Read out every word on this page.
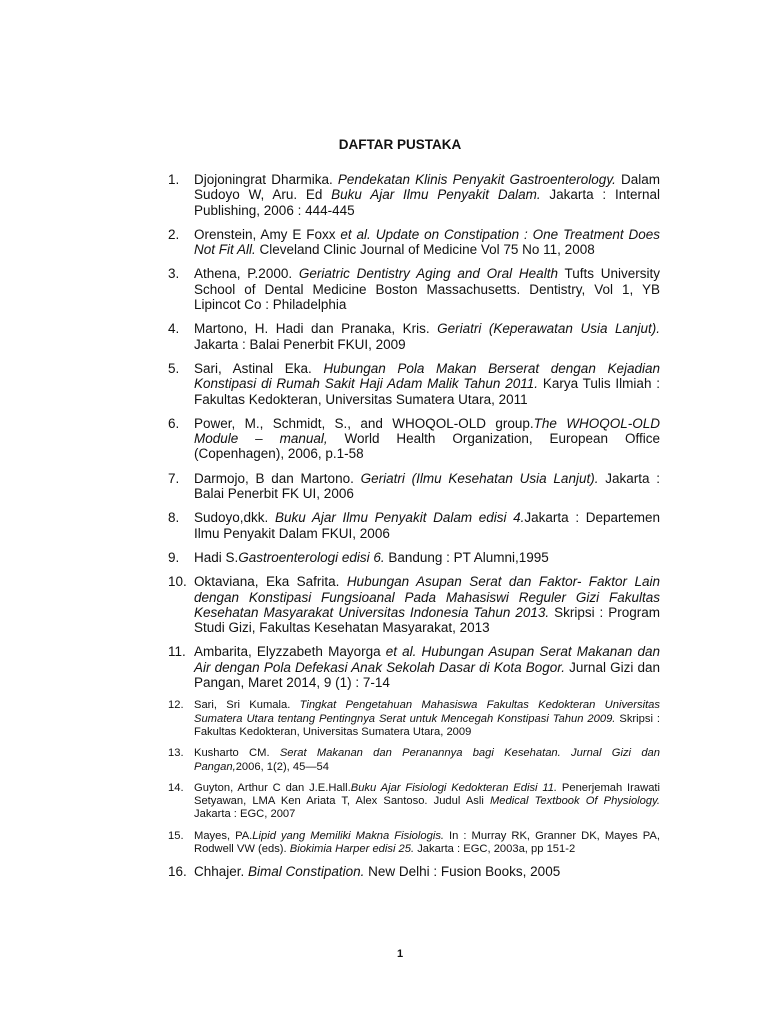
DAFTAR PUSTAKA
1.	Djojoningrat Dharmika. Pendekatan Klinis Penyakit Gastroenterology. Dalam Sudoyo W, Aru. Ed Buku Ajar Ilmu Penyakit Dalam. Jakarta : Internal Publishing, 2006 : 444-445
2.	Orenstein, Amy E Foxx et al. Update on Constipation : One Treatment Does Not Fit All. Cleveland Clinic Journal of Medicine Vol 75 No 11, 2008
3.	Athena, P.2000. Geriatric Dentistry Aging and Oral Health Tufts University School of Dental Medicine Boston Massachusetts. Dentistry, Vol 1, YB Lipincot Co : Philadelphia
4.	Martono, H. Hadi dan Pranaka, Kris. Geriatri (Keperawatan Usia Lanjut). Jakarta : Balai Penerbit FKUI, 2009
5.	Sari, Astinal Eka. Hubungan Pola Makan Berserat dengan Kejadian Konstipasi di Rumah Sakit Haji Adam Malik Tahun 2011. Karya Tulis Ilmiah : Fakultas Kedokteran, Universitas Sumatera Utara, 2011
6.	Power, M., Schmidt, S., and WHOQOL-OLD group.The WHOQOL-OLD Module – manual, World Health Organization, European Office (Copenhagen), 2006, p.1-58
7.	Darmojo, B dan Martono. Geriatri (Ilmu Kesehatan Usia Lanjut). Jakarta : Balai Penerbit FK UI, 2006
8.	Sudoyo,dkk. Buku Ajar Ilmu Penyakit Dalam edisi 4.Jakarta : Departemen Ilmu Penyakit Dalam FKUI, 2006
9.	Hadi S.Gastroenterologi edisi 6. Bandung : PT Alumni,1995
10. Oktaviana, Eka Safrita. Hubungan Asupan Serat dan Faktor- Faktor Lain dengan Konstipasi Fungsioanal Pada Mahasiswi Reguler Gizi Fakultas Kesehatan Masyarakat Universitas Indonesia Tahun 2013. Skripsi : Program Studi Gizi, Fakultas Kesehatan Masyarakat, 2013
11. Ambarita, Elyzzabeth Mayorga et al. Hubungan Asupan Serat Makanan dan Air dengan Pola Defekasi Anak Sekolah Dasar di Kota Bogor. Jurnal Gizi dan Pangan, Maret 2014, 9 (1) : 7-14
12. Sari, Sri Kumala. Tingkat Pengetahuan Mahasiswa Fakultas Kedokteran Universitas Sumatera Utara tentang Pentingnya Serat untuk Mencegah Konstipasi Tahun 2009. Skripsi : Fakultas Kedokteran, Universitas Sumatera Utara, 2009
13. Kusharto CM. Serat Makanan dan Peranannya bagi Kesehatan. Jurnal Gizi dan Pangan,2006, 1(2), 45—54
14. Guyton, Arthur C dan J.E.Hall.Buku Ajar Fisiologi Kedokteran Edisi 11. Penerjemah Irawati Setyawan, LMA Ken Ariata T, Alex Santoso. Judul Asli Medical Textbook Of Physiology. Jakarta : EGC, 2007
15. Mayes, PA.Lipid yang Memiliki Makna Fisiologis. In : Murray RK, Granner DK, Mayes PA, Rodwell VW (eds). Biokimia Harper edisi 25. Jakarta : EGC, 2003a, pp 151-2
16. Chhajer. Bimal Constipation. New Delhi : Fusion Books, 2005
1
